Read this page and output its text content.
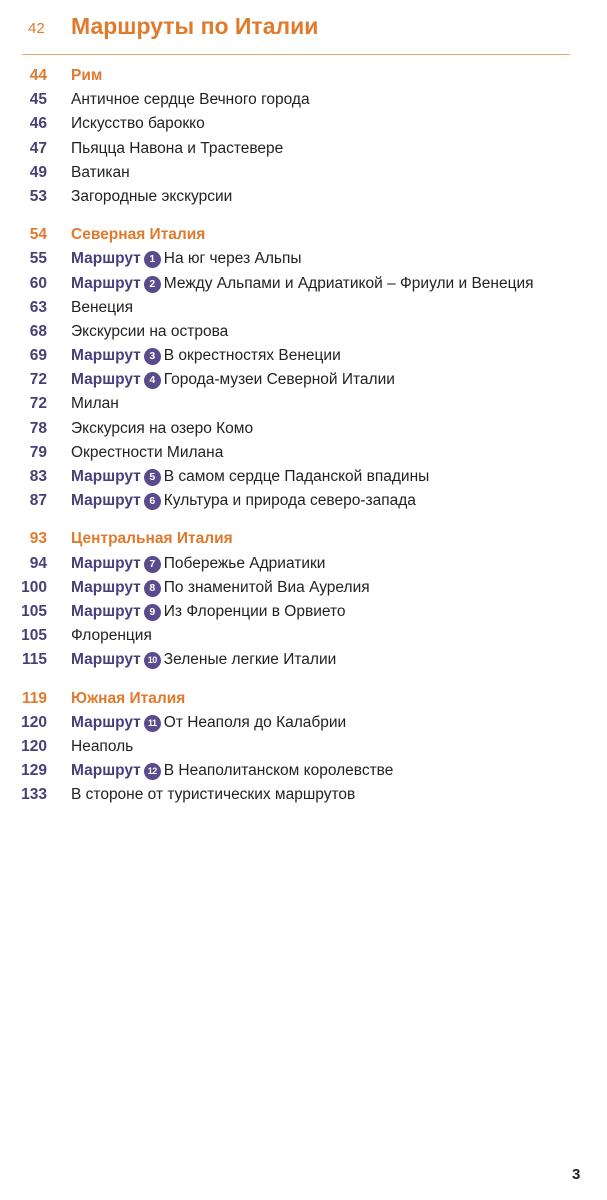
42 Маршруты по Италии
44 Рим
45 Античное сердце Вечного города
46 Искусство барокко
47 Пьяцца Навона и Трастевере
49 Ватикан
53 Загородные экскурсии
54 Северная Италия
55 Маршрут 1 На юг через Альпы
60 Маршрут 2 Между Альпами и Адриатикой – Фриули и Венеция
63 Венеция
68 Экскурсии на острова
69 Маршрут 3 В окрестностях Венеции
72 Маршрут 4 Города-музеи Северной Италии
72 Милан
78 Экскурсия на озеро Комо
79 Окрестности Милана
83 Маршрут 5 В самом сердце Паданской впадины
87 Маршрут 6 Культура и природа северо-запада
93 Центральная Италия
94 Маршрут 7 Побережье Адриатики
100 Маршрут 8 По знаменитой Виа Аурелия
105 Маршрут 9 Из Флоренции в Орвието
105 Флоренция
115 Маршрут 10 Зеленые легкие Италии
119 Южная Италия
120 Маршрут 11 От Неаполя до Калабрии
120 Неаполь
129 Маршрут 12 В Неаполитанском королевстве
133 В стороне от туристических маршрутов
3
